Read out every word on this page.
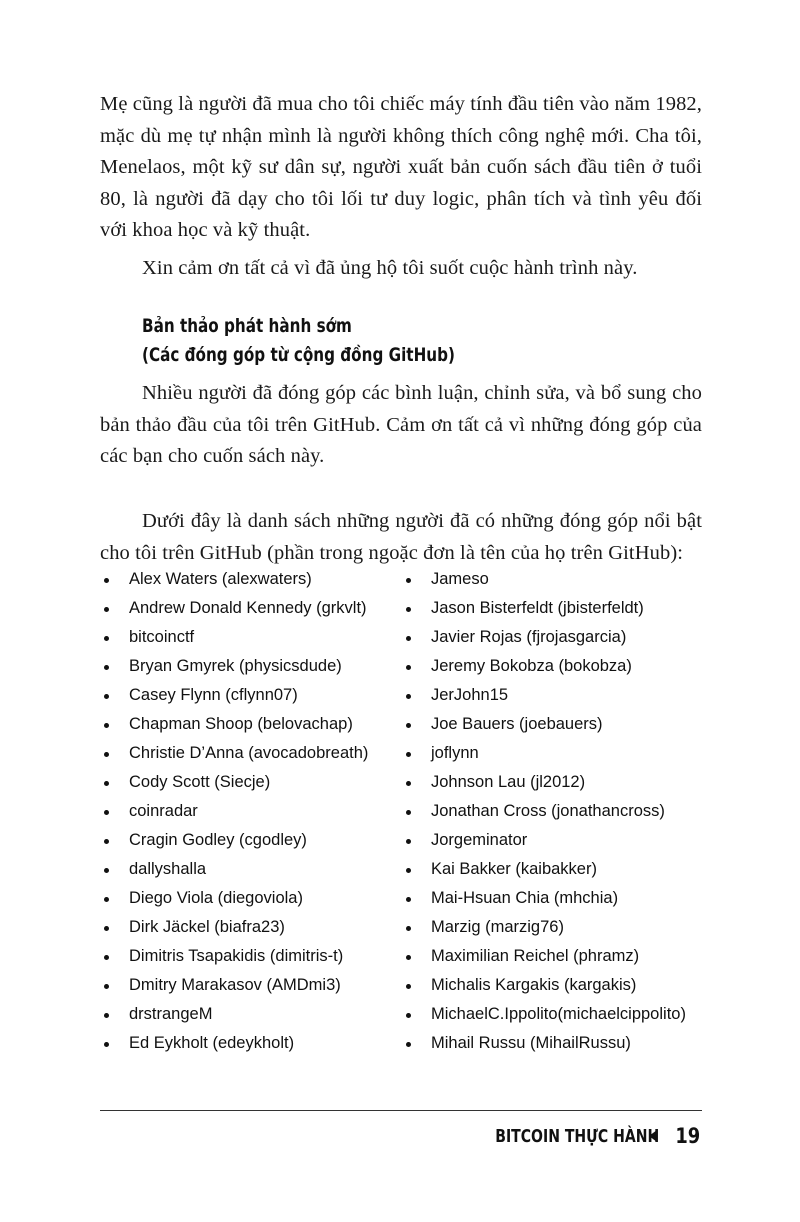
Mẹ cũng là người đã mua cho tôi chiếc máy tính đầu tiên vào năm 1982, mặc dù mẹ tự nhận mình là người không thích công nghệ mới. Cha tôi, Menelaos, một kỹ sư dân sự, người xuất bản cuốn sách đầu tiên ở tuổi 80, là người đã dạy cho tôi lối tư duy logic, phân tích và tình yêu đối với khoa học và kỹ thuật.

Xin cảm ơn tất cả vì đã ủng hộ tôi suốt cuộc hành trình này.

Bản thảo phát hành sớm
(Các đóng góp từ cộng đồng GitHub)

Nhiều người đã đóng góp các bình luận, chỉnh sửa, và bổ sung cho bản thảo đầu của tôi trên GitHub. Cảm ơn tất cả vì những đóng góp của các bạn cho cuốn sách này.

Dưới đây là danh sách những người đã có những đóng góp nổi bật cho tôi trên GitHub (phần trong ngoặc đơn là tên của họ trên GitHub):

Alex Waters (alexwaters)
Andrew Donald Kennedy (grkvlt)
bitcoinctf
Bryan Gmyrek (physicsdude)
Casey Flynn (cflynn07)
Chapman Shoop (belovachap)
Christie D’Anna (avocadobreath)
Cody Scott (Siecje)
coinradar
Cragin Godley (cgodley)
dallyshalla
Diego Viola (diegoviola)
Dirk Jäckel (biafra23)
Dimitris Tsapakidis (dimitris-t)
Dmitry Marakasov (AMDmi3)
drstrangeM
Ed Eykholt (edeykholt)
Jameso
Jason Bisterfeldt (jbisterfeldt)
Javier Rojas (fjrojasgarcia)
Jeremy Bokobza (bokobza)
JerJohn15
Joe Bauers (joebauers)
joflynn
Johnson Lau (jl2012)
Jonathan Cross (jonathancross)
Jorgeminator
Kai Bakker (kaibakker)
Mai-Hsuan Chia (mhchia)
Marzig (marzig76)
Maximilian Reichel (phramz)
Michalis Kargakis (kargakis)
MichaelC.Ippolito(michaelcippolito)
Mihail Russu (MihailRussu)
BITCOIN THỰC HÀNH 19
